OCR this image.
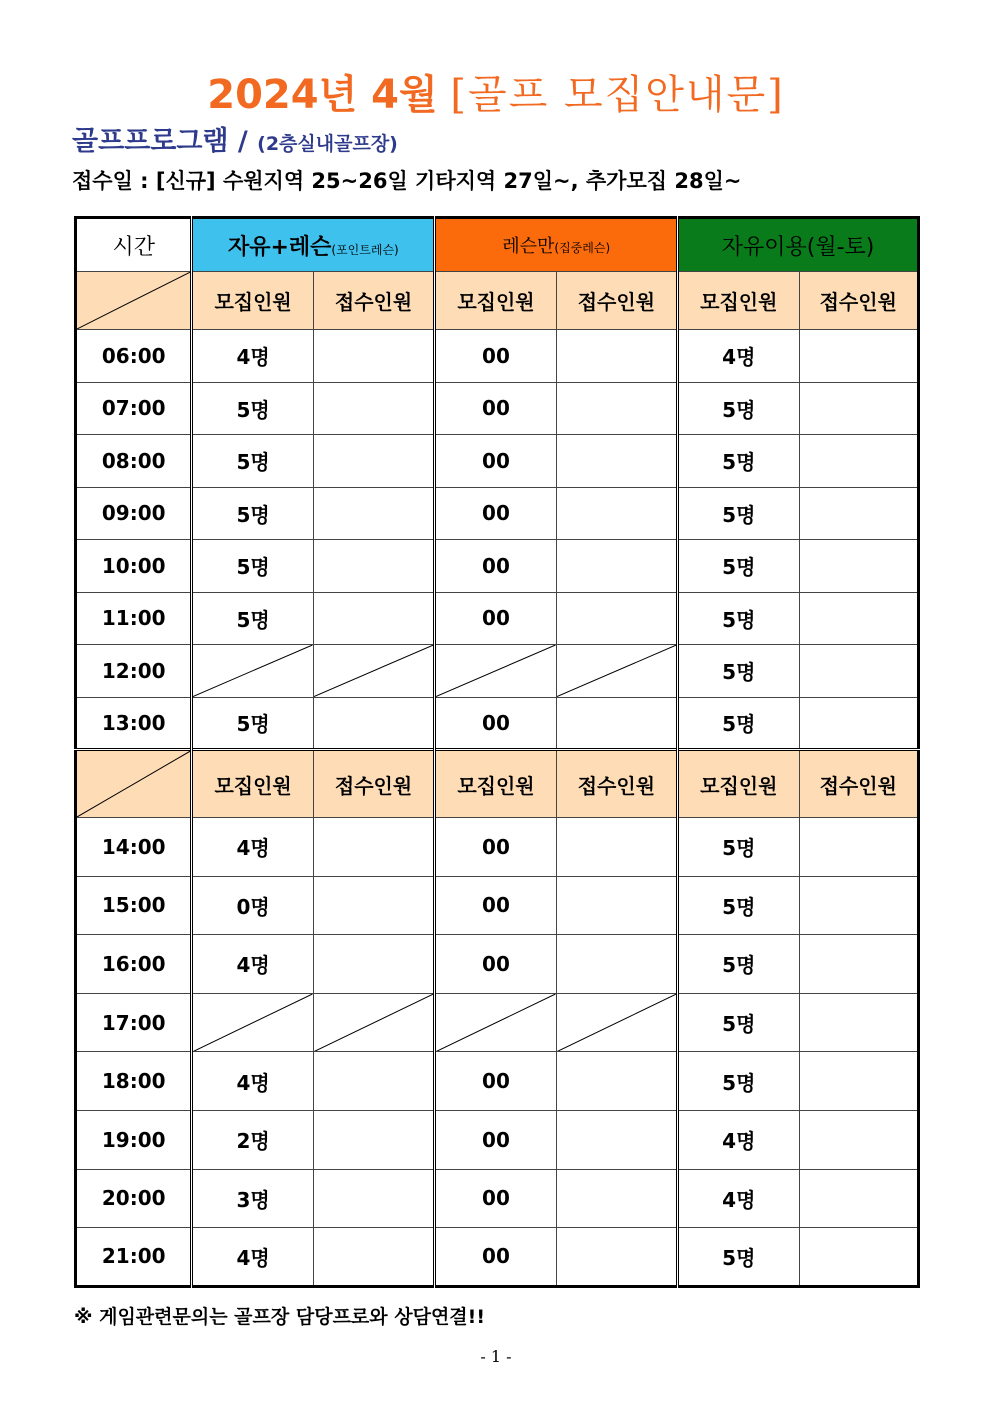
2024년 4월 [골프 모집안내문]
골프프로그램 / (2층실내골프장)
접수일 : [신규] 수원지역 25~26일 기타지역 27일~, 추가모집 28일~
시간	자유+레슨(포인트레슨)		레슨만(집중레슨)		자유이용(월-토)	

	모집인원	접수인원	모집인원	접수인원	모집인원	접수인원
06:00	4명		00		4명	
07:00	5명		00		5명	
08:00	5명		00		5명	
09:00	5명		00		5명	
10:00	5명		00		5명	
11:00	5명		00		5명	
12:00					5명	
13:00	5명		00		5명	

	모집인원	접수인원	모집인원	접수인원	모집인원	접수인원
14:00	4명		00		5명	
15:00	0명		00		5명	
16:00	4명		00		5명	
17:00					5명	
18:00	4명		00		5명	
19:00	2명		00		4명	
20:00	3명		00		4명	
21:00	4명		00		5명	
※ 게임관련문의는 골프장 담당프로와 상담연결!!
- 1 -
